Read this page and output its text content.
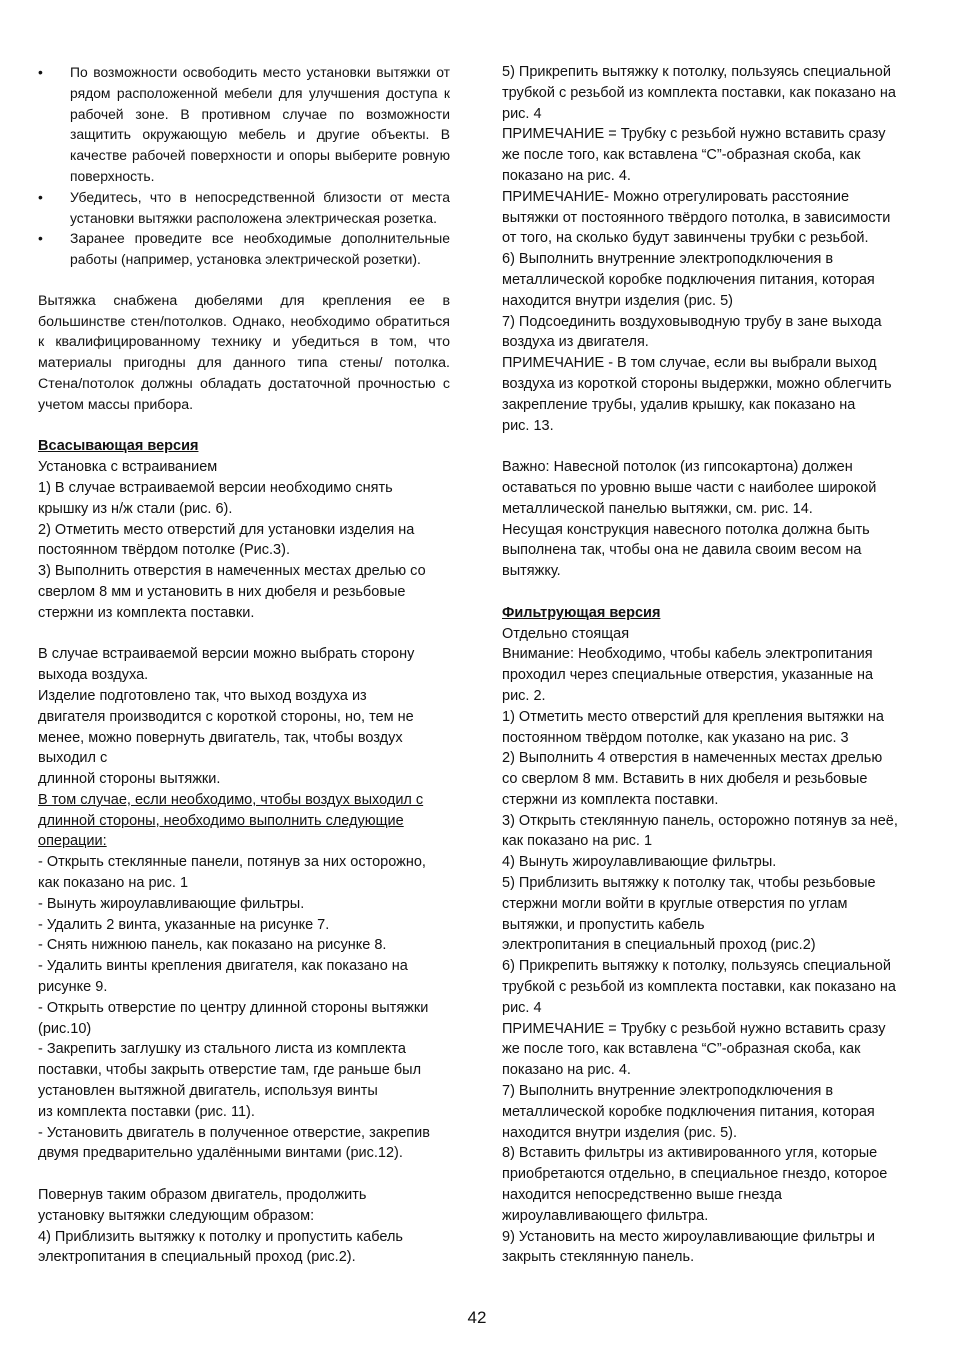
• По возможности освободить место установки вытяжки от рядом расположенной мебели для улучшения доступа к рабочей зоне. В противном случае по возможности защитить окружающую мебель и другие объекты. В качестве рабочей поверхности и опоры выберите ровную поверхность.
• Убедитесь, что в непосредственной близости от места установки вытяжки расположена электрическая розетка.
• Заранее проведите все необходимые дополнительные работы (например, установка электрической розетки).
Вытяжка снабжена дюбелями для крепления ее в большинстве стен/потолков. Однако, необходимо обратиться к квалифицированному технику и убедиться в том, что материалы пригодны для данного типа стены/ потолка. Стена/потолок должны обладать достаточной прочностью с учетом массы прибора.
Всасывающая версия
Установка с встраиванием
1) В случае встраиваемой версии необходимо снять
крышку из н/ж стали (рис. 6).
2) Отметить место отверстий для установки изделия на
постоянном твёрдом потолке (Рис.3).
3) Выполнить отверстия в намеченных местах дрелью со
сверлом 8 мм и установить в них дюбеля и резьбовые
стержни из комплекта поставки.
В случае встраиваемой версии можно выбрать сторону
выхода воздуха.
Изделие подготовлено так, что выход воздуха из
двигателя производится с короткой стороны, но, тем не
менее, можно повернуть двигатель, так, чтобы воздух
выходил с
длинной стороны вытяжки.
В том случае, если необходимо, чтобы воздух выходил с
длинной стороны, необходимо выполнить следующие
операции:
- Открыть стеклянные панели, потянув за них осторожно,
как показано на рис. 1
- Вынуть жироулавливающие фильтры.
- Удалить 2 винта, указанные на рисунке 7.
- Снять нижнюю панель, как показано на рисунке 8.
- Удалить винты крепления двигателя, как показано на
рисунке 9.
- Открыть отверстие по центру длинной стороны вытяжки
(рис.10)
- Закрепить заглушку из стального листа из комплекта
поставки, чтобы закрыть отверстие там, где раньше был
установлен вытяжной двигатель, используя винты
из комплекта поставки (рис. 11).
- Установить двигатель в полученное отверстие, закрепив
двумя предварительно удалёнными винтами (рис.12).
Повернув таким образом двигатель, продолжить
установку вытяжки следующим образом:
4) Приблизить вытяжку к потолку и пропустить кабель
электропитания в специальный проход (рис.2).
5) Прикрепить вытяжку к потолку, пользуясь специальной
трубкой с резьбой из комплекта поставки, как показано на
рис. 4
ПРИМЕЧАНИЕ = Трубку с резьбой нужно вставить сразу
же после того, как вставлена “С”-образная скоба, как
показано на рис. 4.
ПРИМЕЧАНИЕ- Можно отрегулировать расстояние
вытяжки от постоянного твёрдого потолка, в зависимости
от того, на сколько будут завинчены трубки с резьбой.
6) Выполнить внутренние электроподключения в
металлической коробке подключения питания, которая
находится внутри изделия (рис. 5)
7) Подсоединить воздуховыводную трубу в зане выхода
воздуха из двигателя.
ПРИМЕЧАНИЕ - В том случае, если вы выбрали выход
воздуха из короткой стороны выдержки, можно облегчить
закрепление трубы, удалив крышку, как показано на
рис. 13.
Важно: Навесной потолок (из гипсокартона) должен
оставаться по уровню выше части с наиболее широкой
металлической панелью вытяжки, см. рис. 14.
Несущая конструкция навесного потолка должна быть
выполнена так, чтобы она не давила своим весом на
вытяжку.
Фильтрующая версия
Отдельно стоящая
Внимание: Необходимо, чтобы кабель электропитания
проходил через специальные отверстия, указанные на
рис. 2.
1) Отметить место отверстий для крепления вытяжки на
постоянном твёрдом потолке, как указано на рис. 3
2) Выполнить 4 отверстия в намеченных местах дрелью
со сверлом 8 мм. Вставить в них дюбеля и резьбовые
стержни из комплекта поставки.
3) Открыть стеклянную панель, осторожно потянув за неё,
как показано на рис. 1
4) Вынуть жироулавливающие фильтры.
5) Приблизить вытяжку к потолку так, чтобы резьбовые
стержни могли войти в круглые отверстия по углам
вытяжки, и пропустить кабель
электропитания в специальный проход (рис.2)
6) Прикрепить вытяжку к потолку, пользуясь специальной
трубкой с резьбой из комплекта поставки, как показано на
рис. 4
ПРИМЕЧАНИЕ = Трубку с резьбой нужно вставить сразу
же после того, как вставлена “С”-образная скоба, как
показано на рис. 4.
7) Выполнить внутренние электроподключения в
металлической коробке подключения питания, которая
находится внутри изделия (рис. 5).
8) Вставить фильтры из активированного угля, которые
приобретаются отдельно, в специальное гнездо, которое
находится непосредственно выше гнезда
жироулавливающего фильтра.
9) Установить на место жироулавливающие фильтры и
закрыть стеклянную панель.
42
